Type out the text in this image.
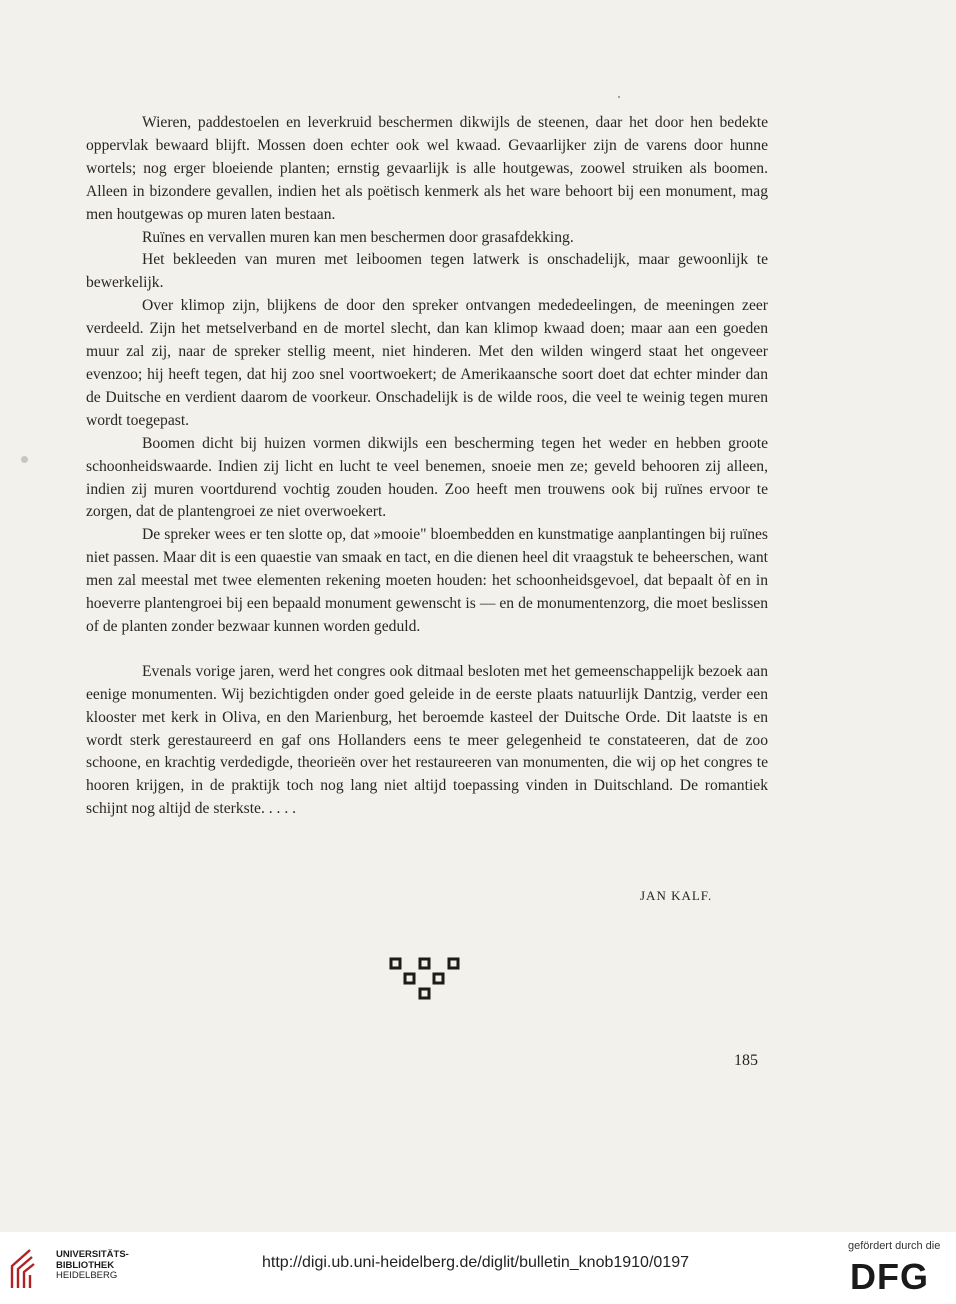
Wieren, paddestoelen en leverkruid beschermen dikwijls de steenen, daar het door hen bedekte oppervlak bewaard blijft. Mossen doen echter ook wel kwaad. Gevaarlijker zijn de varens door hunne wortels; nog erger bloeiende planten; ernstig gevaarlijk is alle houtgewas, zoowel struiken als boomen. Alleen in bizondere gevallen, indien het als poëtisch kenmerk als het ware behoort bij een monument, mag men houtgewas op muren laten bestaan.

Ruïnes en vervallen muren kan men beschermen door grasafdekking.

Het bekleeden van muren met leiboomen tegen latwerk is onschadelijk, maar gewoonlijk te bewerkelijk.

Over klimop zijn, blijkens de door den spreker ontvangen mededeelingen, de meeningen zeer verdeeld. Zijn het metselverband en de mortel slecht, dan kan klimop kwaad doen; maar aan een goeden muur zal zij, naar de spreker stellig meent, niet hinderen. Met den wilden wingerd staat het ongeveer evenzoo; hij heeft tegen, dat hij zoo snel voortwoekert; de Amerikaansche soort doet dat echter minder dan de Duitsche en verdient daarom de voorkeur. Onschadelijk is de wilde roos, die veel te weinig tegen muren wordt toegepast.

Boomen dicht bij huizen vormen dikwijls een bescherming tegen het weder en hebben groote schoonheidswaarde. Indien zij licht en lucht te veel benemen, snoeie men ze; geveld behooren zij alleen, indien zij muren voortdurend vochtig zouden houden. Zoo heeft men trouwens ook bij ruïnes ervoor te zorgen, dat de plantengroei ze niet overwoekert.

De spreker wees er ten slotte op, dat »mooie" bloembedden en kunstmatige aanplantingen bij ruïnes niet passen. Maar dit is een quaestie van smaak en tact, en die dienen heel dit vraagstuk te beheerschen, want men zal meestal met twee elementen rekening moeten houden: het schoonheidsgevoel, dat bepaalt òf en in hoeverre plantengroei bij een bepaald monument gewenscht is — en de monumentenzorg, die moet beslissen of de planten zonder bezwaar kunnen worden geduld.

Evenals vorige jaren, werd het congres ook ditmaal besloten met het gemeenschappelijk bezoek aan eenige monumenten. Wij bezichtigden onder goed geleide in de eerste plaats natuurlijk Dantzig, verder een klooster met kerk in Oliva, en den Marienburg, het beroemde kasteel der Duitsche Orde. Dit laatste is en wordt sterk gerestaureerd en gaf ons Hollanders eens te meer gelegenheid te constateeren, dat de zoo schoone, en krachtig verdedigde, theorieën over het restaureeren van monumenten, die wij op het congres te hooren krijgen, in de praktijk toch nog lang niet altijd toepassing vinden in Duitschland. De romantiek schijnt nog altijd de sterkste. . . . .

JAN KALF.
185
UNIVERSITÄTS-
BIBLIOTHEK
HEIDELBERG
http://digi.ub.uni-heidelberg.de/diglit/bulletin_knob1910/0197
gefördert durch die
DFG
